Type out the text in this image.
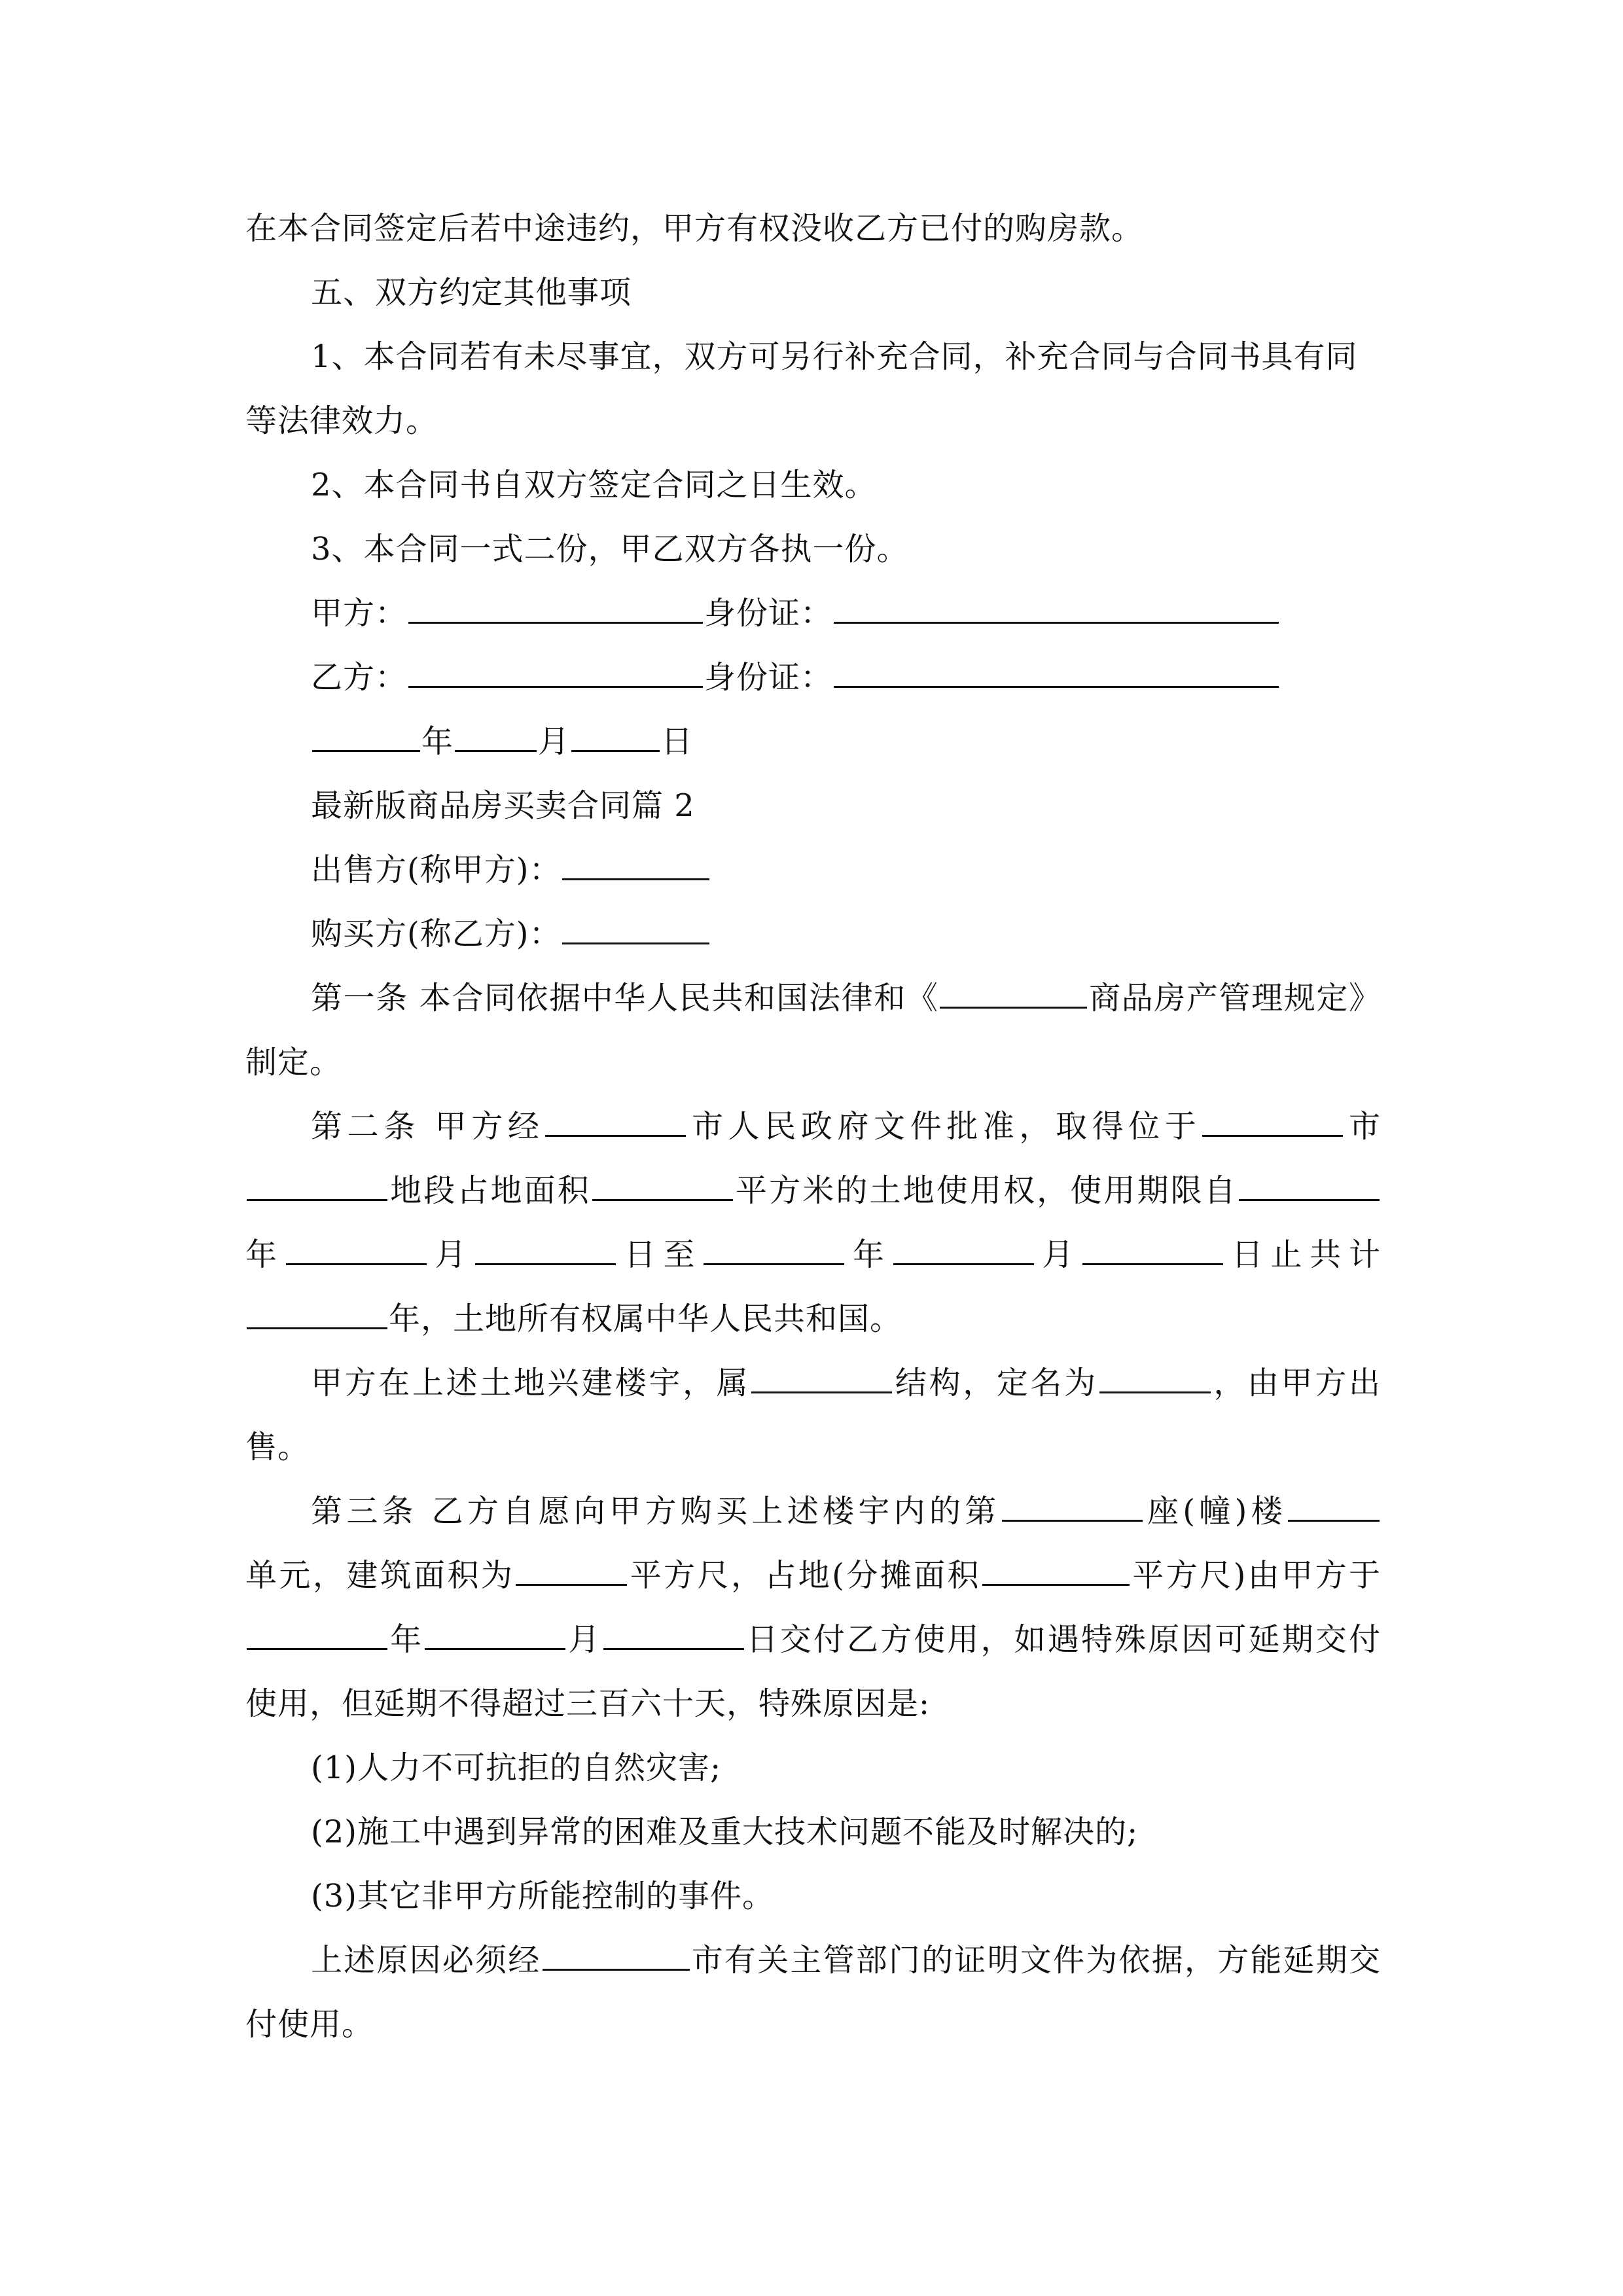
在本合同签定后若中途违约，甲方有权没收乙方已付的购房款。
五、双方约定其他事项
1、本合同若有未尽事宜，双方可另行补充合同，补充合同与合同书具有同
等法律效力。
2、本合同书自双方签定合同之日生效。
3、本合同一式二份，甲乙双方各执一份。
甲方：	身份证：
乙方：	身份证：
年	月	日
最新版商品房买卖合同篇 2
出售方(称甲方)：
购买方(称乙方)：
第一条 本合同依据中华人民共和国法律和《	商品房产管理规定》
制定。
第二条 甲方经	市人民政府文件批准，取得位于	市
地段占地面积	平方米的土地使用权，使用期限自
年	月	日至	年	月	日止共计
年，土地所有权属中华人民共和国。
甲方在上述土地兴建楼宇，属	结构，定名为	，由甲方出
售。
第三条 乙方自愿向甲方购买上述楼宇内的第	座(幢)楼
单元，建筑面积为	平方尺，占地(分摊面积	平方尺)由甲方于
年	月	日交付乙方使用，如遇特殊原因可延期交付
使用，但延期不得超过三百六十天，特殊原因是:
(1)人力不可抗拒的自然灾害;
(2)施工中遇到异常的困难及重大技术问题不能及时解决的;
(3)其它非甲方所能控制的事件。
上述原因必须经	市有关主管部门的证明文件为依据，方能延期交
付使用。
